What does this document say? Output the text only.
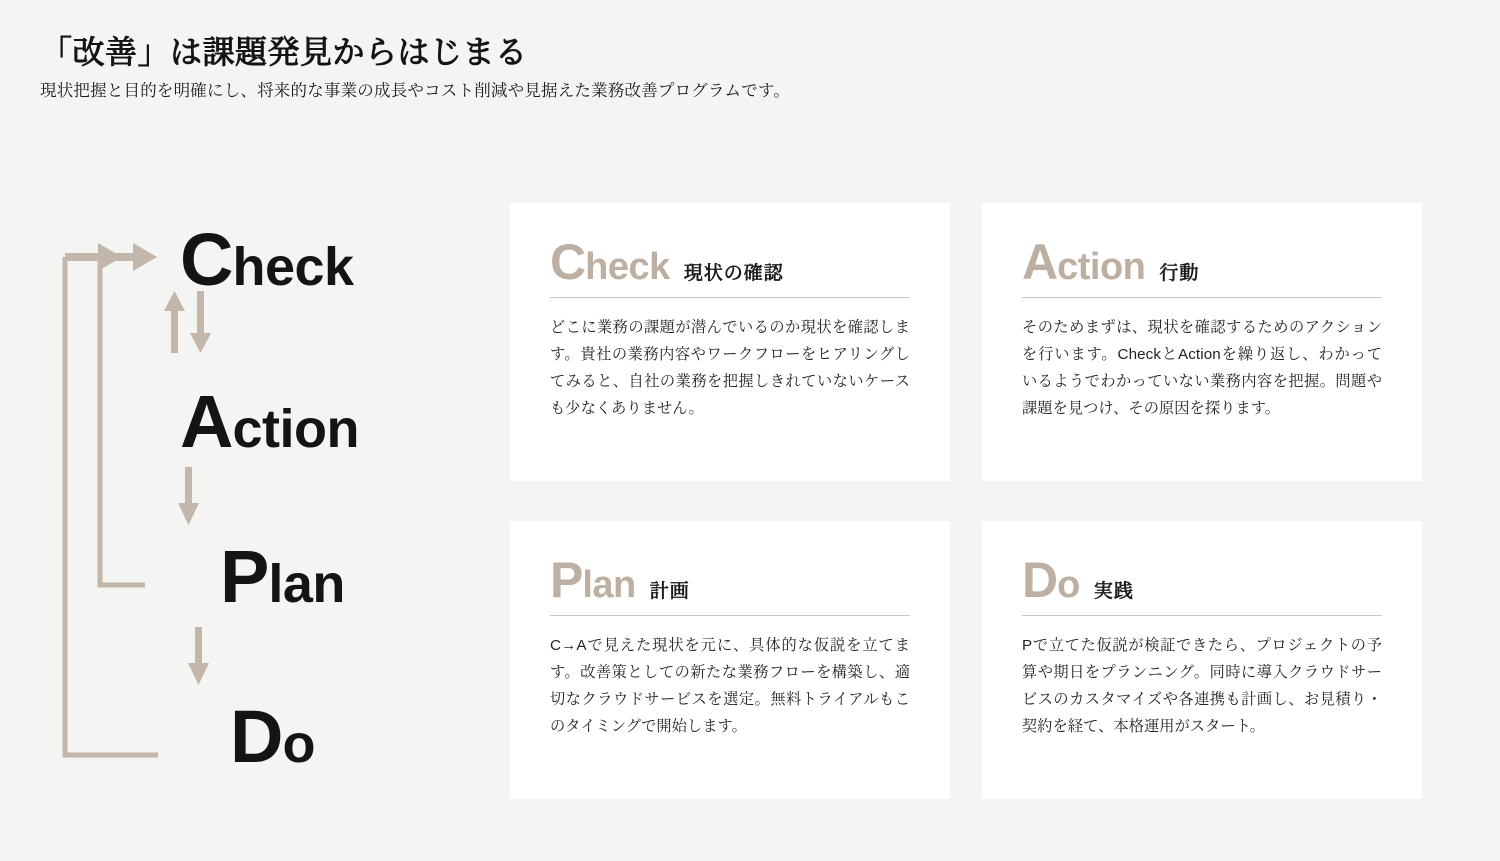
「改善」は課題発見からはじまる

現状把握と目的を明確にし、将来的な事業の成長やコスト削減や見据えた業務改善プログラムです。

Check
Action
Plan
Do
Check 現状の確認
どこに業務の課題が潜んでいるのか現状を確認します。貴社の業務内容やワークフローをヒアリングしてみると、自社の業務を把握しきれていないケースも少なくありません。
Action 行動
そのためまずは、現状を確認するためのアクションを行います。CheckとActionを繰り返し、わかっているようでわかっていない業務内容を把握。問題や課題を見つけ、その原因を探ります。
Plan 計画
C→Aで見えた現状を元に、具体的な仮説を立てます。改善策としての新たな業務フローを構築し、適切なクラウドサービスを選定。無料トライアルもこのタイミングで開始します。
Do 実践
Pで立てた仮説が検証できたら、プロジェクトの予算や期日をプランニング。同時に導入クラウドサービスのカスタマイズや各連携も計画し、お見積り・契約を経て、本格運用がスタート。
